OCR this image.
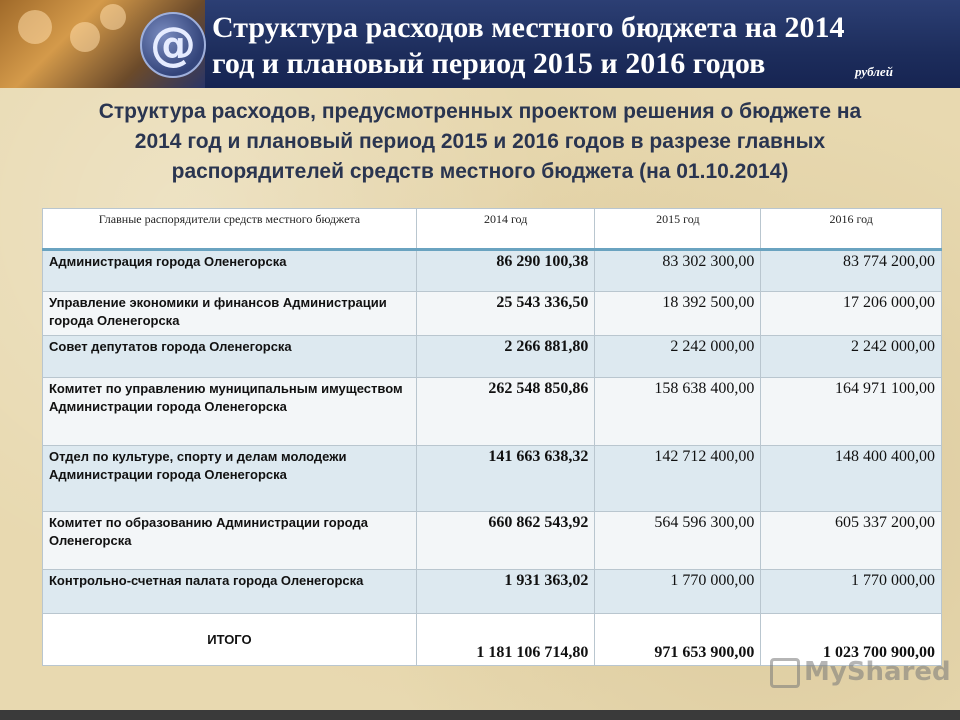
@ Структура расходов местного бюджета на 2014
год и плановый период 2015 и 2016 годов	рублей
Структура расходов, предусмотренных проектом решения о бюджете на
2014 год и плановый период 2015 и 2016 годов в разрезе главных
распорядителей средств местного бюджета (на 01.10.2014)
Главные распорядители средств местного бюджета	2014 год	2015 год	2016 год
Администрация города Оленегорска	86 290 100,38	83 302 300,00	83 774 200,00
Управление экономики и финансов Администрации города Оленегорска	25 543 336,50	18 392 500,00	17 206 000,00
Совет депутатов города Оленегорска	2 266 881,80	2 242 000,00	2 242 000,00
Комитет по управлению муниципальным имуществом Администрации города Оленегорска	262 548 850,86	158 638 400,00	164 971 100,00
Отдел по культуре, спорту и делам молодежи Администрации города Оленегорска	141 663 638,32	142 712 400,00	148 400 400,00
Комитет по образованию Администрации города Оленегорска	660 862 543,92	564 596 300,00	605 337 200,00
Контрольно-счетная палата города Оленегорска	1 931 363,02	1 770 000,00	1 770 000,00
ИТОГО	1 181 106 714,80	971 653 900,00	1 023 700 900,00
MyShared
